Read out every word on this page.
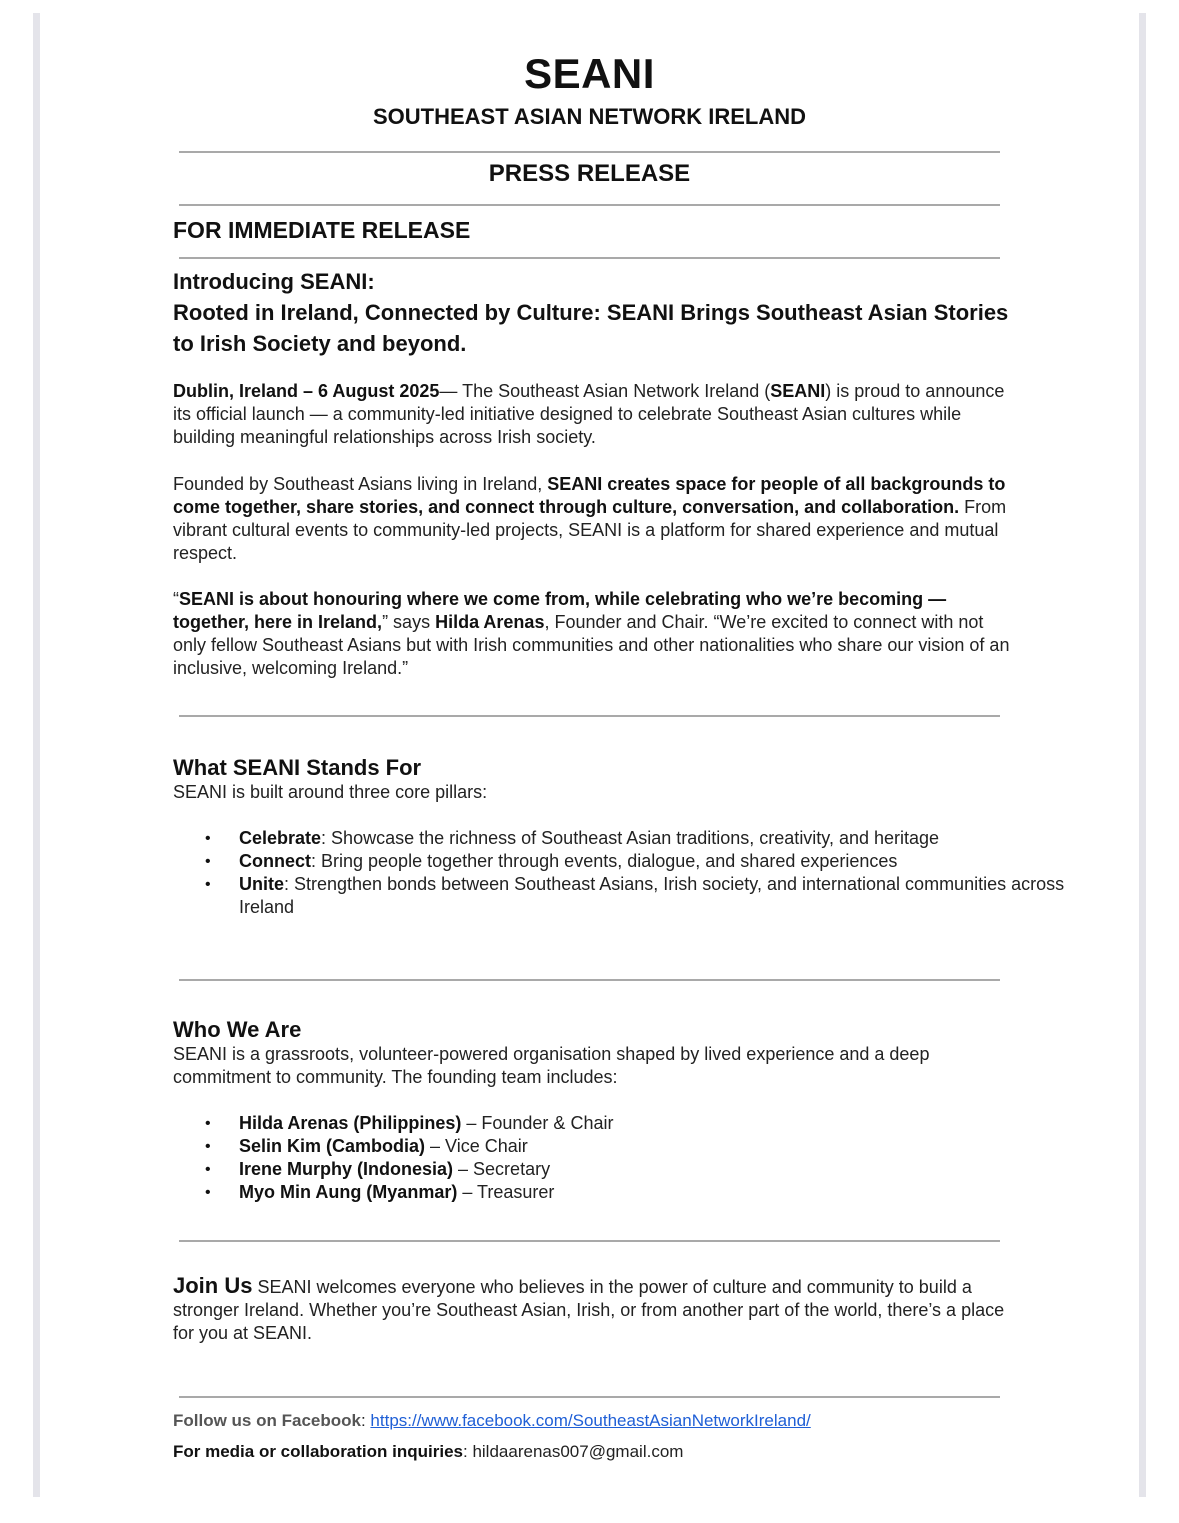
SEANI
SOUTHEAST ASIAN NETWORK IRELAND
PRESS RELEASE
FOR IMMEDIATE RELEASE
Introducing SEANI:
Rooted in Ireland, Connected by Culture: SEANI Brings Southeast Asian Stories to Irish Society and beyond.
Dublin, Ireland – 6 August 2025— The Southeast Asian Network Ireland (SEANI) is proud to announce its official launch — a community-led initiative designed to celebrate Southeast Asian cultures while building meaningful relationships across Irish society.
Founded by Southeast Asians living in Ireland, SEANI creates space for people of all backgrounds to come together, share stories, and connect through culture, conversation, and collaboration. From vibrant cultural events to community-led projects, SEANI is a platform for shared experience and mutual respect.
“SEANI is about honouring where we come from, while celebrating who we’re becoming — together, here in Ireland,” says Hilda Arenas, Founder and Chair. “We’re excited to connect with not only fellow Southeast Asians but with Irish communities and other nationalities who share our vision of an inclusive, welcoming Ireland.”
What SEANI Stands For
SEANI is built around three core pillars:
• Celebrate: Showcase the richness of Southeast Asian traditions, creativity, and heritage
• Connect: Bring people together through events, dialogue, and shared experiences
• Unite: Strengthen bonds between Southeast Asians, Irish society, and international communities across Ireland
Who We Are
SEANI is a grassroots, volunteer-powered organisation shaped by lived experience and a deep commitment to community. The founding team includes:
• Hilda Arenas (Philippines) – Founder & Chair
• Selin Kim (Cambodia) – Vice Chair
• Irene Murphy (Indonesia) – Secretary
• Myo Min Aung (Myanmar) – Treasurer
Join Us SEANI welcomes everyone who believes in the power of culture and community to build a stronger Ireland. Whether you’re Southeast Asian, Irish, or from another part of the world, there’s a place for you at SEANI.
Follow us on Facebook: https://www.facebook.com/SoutheastAsianNetworkIreland/
For media or collaboration inquiries: hildaarenas007@gmail.com
